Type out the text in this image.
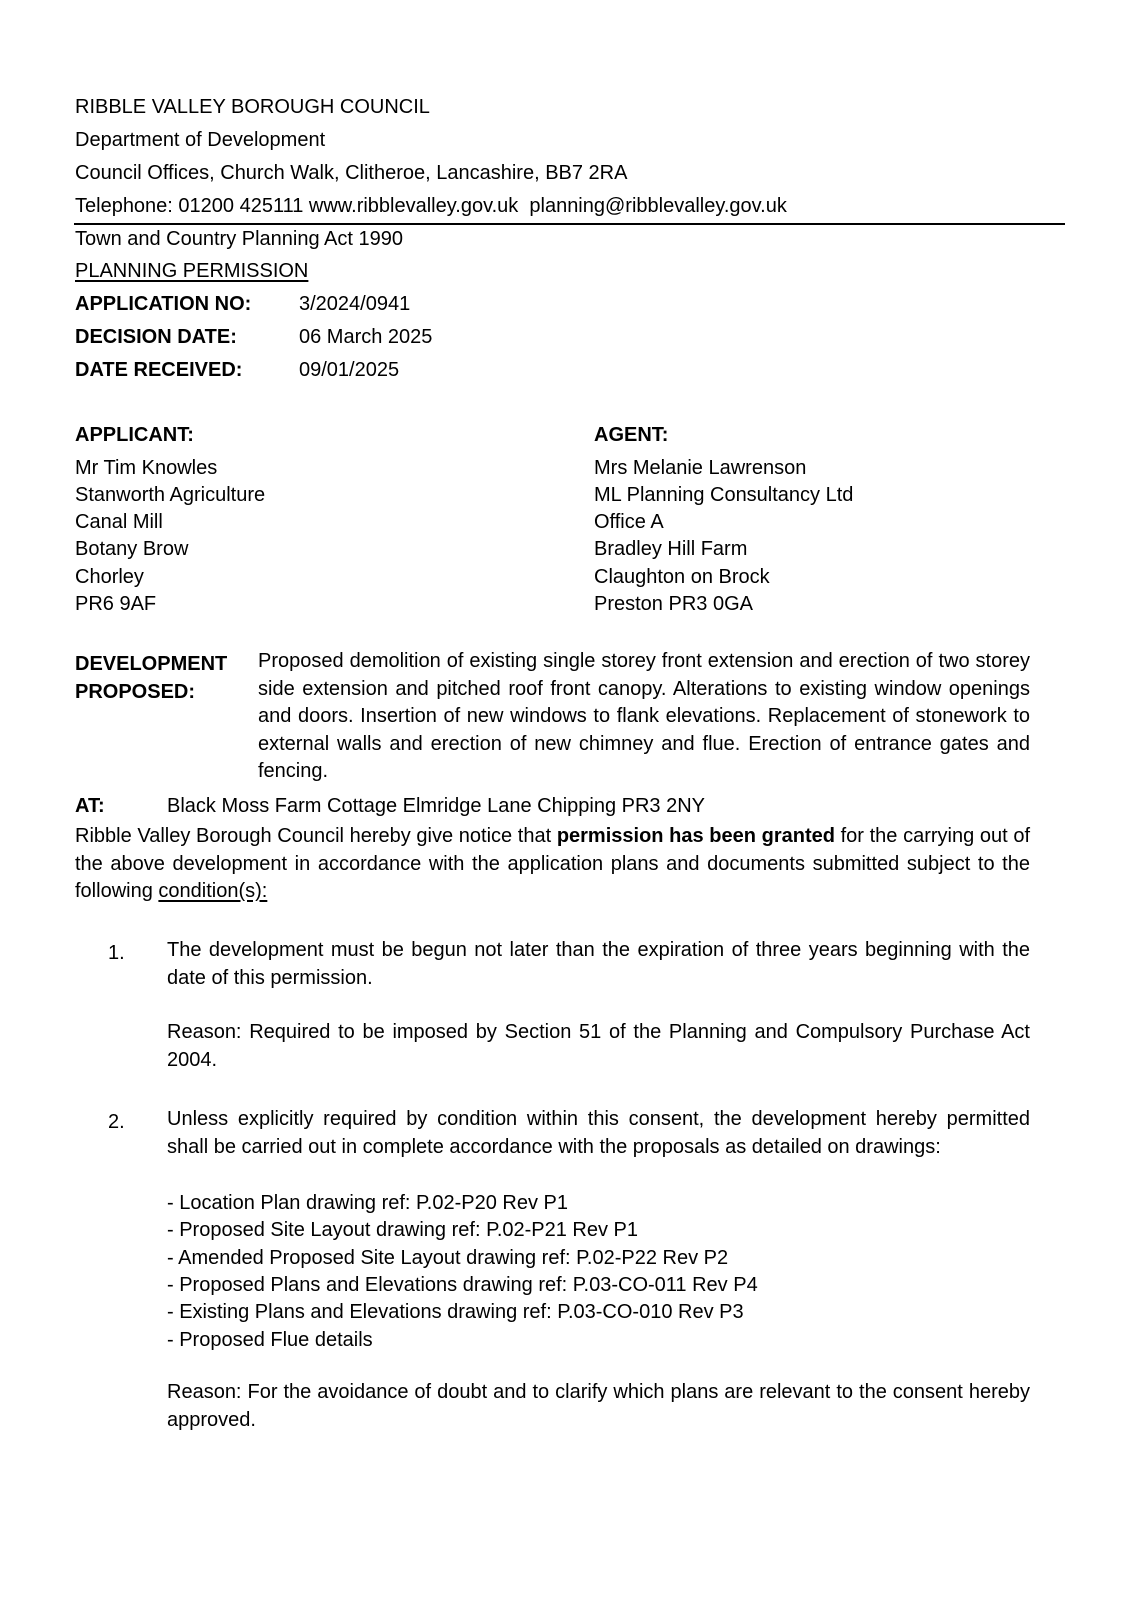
RIBBLE VALLEY BOROUGH COUNCIL
Department of Development
Council Offices, Church Walk, Clitheroe, Lancashire, BB7 2RA
Telephone: 01200 425111 www.ribblevalley.gov.uk  planning@ribblevalley.gov.uk
Town and Country Planning Act 1990
PLANNING PERMISSION
APPLICATION NO: 3/2024/0941
DECISION DATE:	06 March 2025
DATE RECEIVED:	09/01/2025
APPLICANT:
Mr Tim Knowles
Stanworth Agriculture
Canal Mill
Botany Brow
Chorley
PR6 9AF
AGENT:
Mrs Melanie Lawrenson
ML Planning Consultancy Ltd
Office A
Bradley Hill Farm
Claughton on Brock
Preston PR3 0GA
DEVELOPMENT
PROPOSED:
Proposed demolition of existing single storey front extension and erection of two storey side extension and pitched roof front canopy. Alterations to existing window openings and doors. Insertion of new windows to flank elevations. Replacement of stonework to external walls and erection of new chimney and flue. Erection of entrance gates and fencing.
AT:	Black Moss Farm Cottage Elmridge Lane Chipping PR3 2NY
Ribble Valley Borough Council hereby give notice that permission has been granted for the carrying out of the above development in accordance with the application plans and documents submitted subject to the following condition(s):
1. The development must be begun not later than the expiration of three years beginning with the date of this permission.
Reason: Required to be imposed by Section 51 of the Planning and Compulsory Purchase Act 2004.
2. Unless explicitly required by condition within this consent, the development hereby permitted shall be carried out in complete accordance with the proposals as detailed on drawings:
- Location Plan drawing ref: P.02-P20 Rev P1
- Proposed Site Layout drawing ref: P.02-P21 Rev P1
- Amended Proposed Site Layout drawing ref: P.02-P22 Rev P2
- Proposed Plans and Elevations drawing ref: P.03-CO-011 Rev P4
- Existing Plans and Elevations drawing ref: P.03-CO-010 Rev P3
- Proposed Flue details
Reason: For the avoidance of doubt and to clarify which plans are relevant to the consent hereby approved.
